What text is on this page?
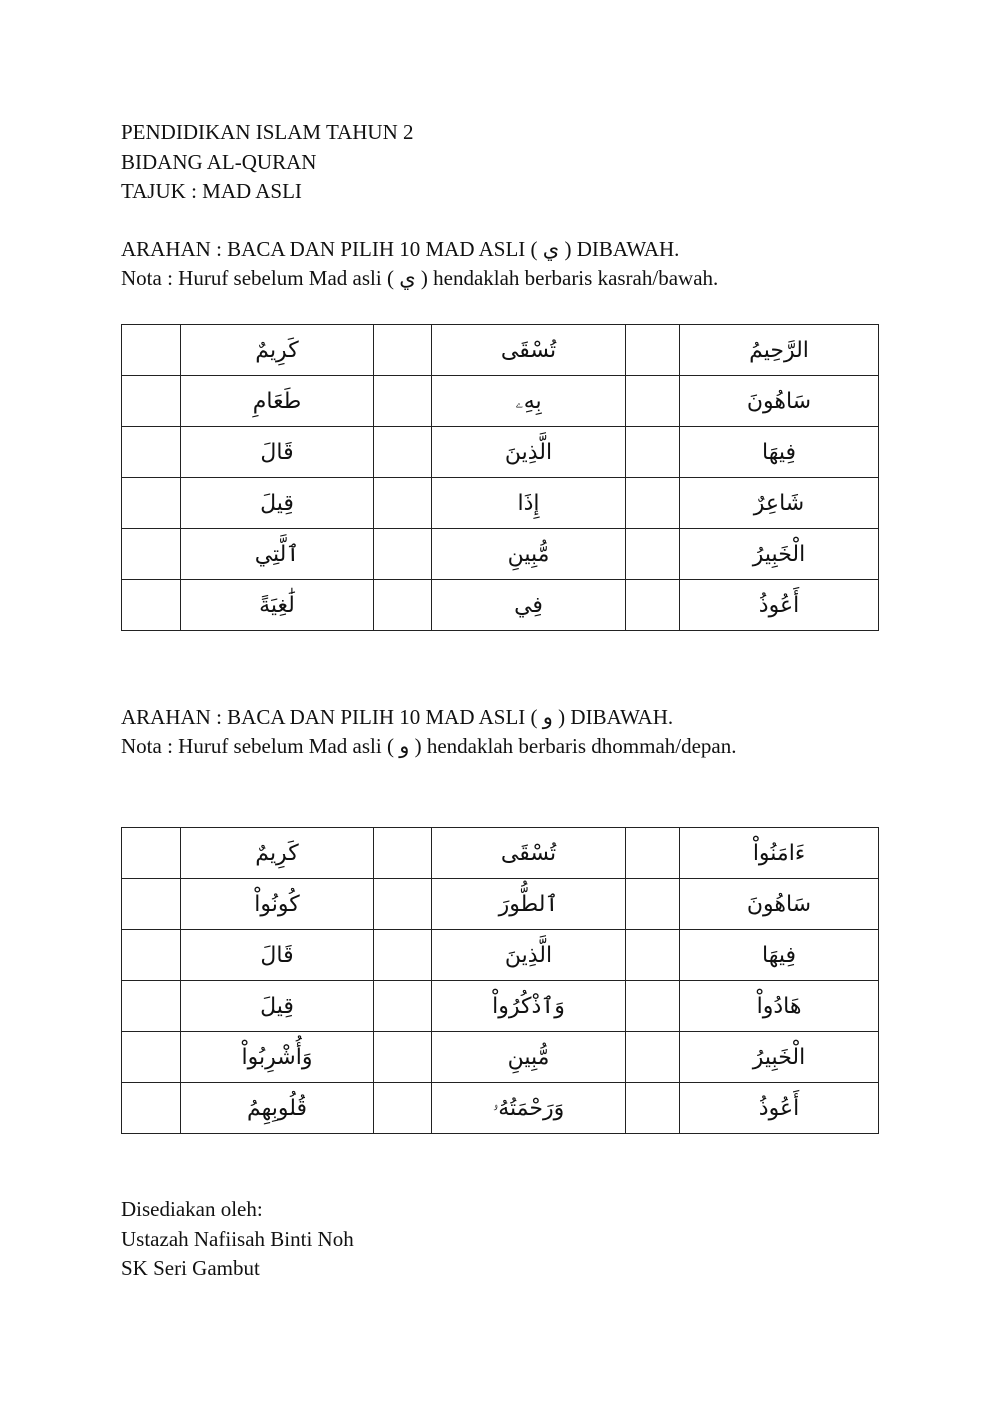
PENDIDIKAN ISLAM TAHUN 2
BIDANG AL-QURAN
TAJUK : MAD ASLI
ARAHAN : BACA DAN PILIH 10 MAD ASLI ( ي ) DIBAWAH.
Nota : Huruf sebelum Mad asli ( ي ) hendaklah berbaris kasrah/bawah.
	كَرِيمٌ		تُسْقَى		الرَّحِيمُ
	طَعَامِ		بِهِۦ		سَاهُونَ
	قَالَ		الَّذِينَ		فِيهَا
	قِيلَ		إِذَا		شَاعِرٌ
	ٱلَّتِي		مُّبِينِ		الْخَبِيرُ
	لَٰغِيَةً		فِي		أَعُوذُ
ARAHAN : BACA DAN PILIH 10 MAD ASLI ( و ) DIBAWAH.
Nota : Huruf sebelum Mad asli ( و ) hendaklah berbaris dhommah/depan.
	كَرِيمٌ		تُسْقَى		ءَامَنُواْ
	كُونُواْ		ٱلطُّورَ		سَاهُونَ
	قَالَ		الَّذِينَ		فِيهَا
	قِيلَ		وَٱذْكُرُواْ		هَادُواْ
	وَأُشْرِبُواْ		مُّبِينِ		الْخَبِيرُ
	قُلُوبِهِمُ		وَرَحْمَتُهُۥ		أَعُوذُ
Disediakan oleh:
Ustazah Nafiisah Binti Noh
SK Seri Gambut
